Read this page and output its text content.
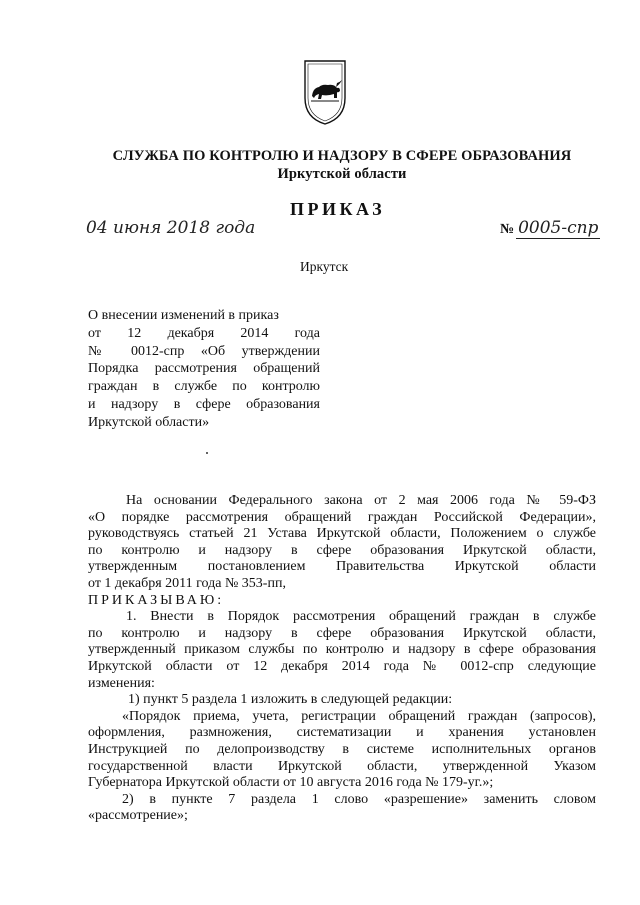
СЛУЖБА ПО КОНТРОЛЮ И НАДЗОРУ В СФЕРЕ ОБРАЗОВАНИЯ
Иркутской области
ПРИКАЗ
04 июня 2018 года	№ 0005-спр
Иркутск
О внесении изменений в приказ
от 12 декабря 2014 года
№ 0012-спр «Об утверждении
Порядка рассмотрения обращений
граждан в службе по контролю
и надзору в сфере образования
Иркутской области»
На основании Федерального закона от 2 мая 2006 года № 59-ФЗ
«О порядке рассмотрения обращений граждан Российской Федерации»,
руководствуясь статьей 21 Устава Иркутской области, Положением о службе
по контролю и надзору в сфере образования Иркутской области,
утвержденным постановлением Правительства Иркутской области
от 1 декабря 2011 года № 353-пп,
ПРИКАЗЫВАЮ:
1. Внести в Порядок рассмотрения обращений граждан в службе
по контролю и надзору в сфере образования Иркутской области,
утвержденный приказом службы по контролю и надзору в сфере образования
Иркутской области от 12 декабря 2014 года № 0012-спр следующие
изменения:
1) пункт 5 раздела 1 изложить в следующей редакции:
«Порядок приема, учета, регистрации обращений граждан (запросов),
оформления, размножения, систематизации и хранения установлен
Инструкцией по делопроизводству в системе исполнительных органов
государственной власти Иркутской области, утвержденной Указом
Губернатора Иркутской области от 10 августа 2016 года № 179-уг.»;
2) в пункте 7 раздела 1 слово «разрешение» заменить словом
«рассмотрение»;
